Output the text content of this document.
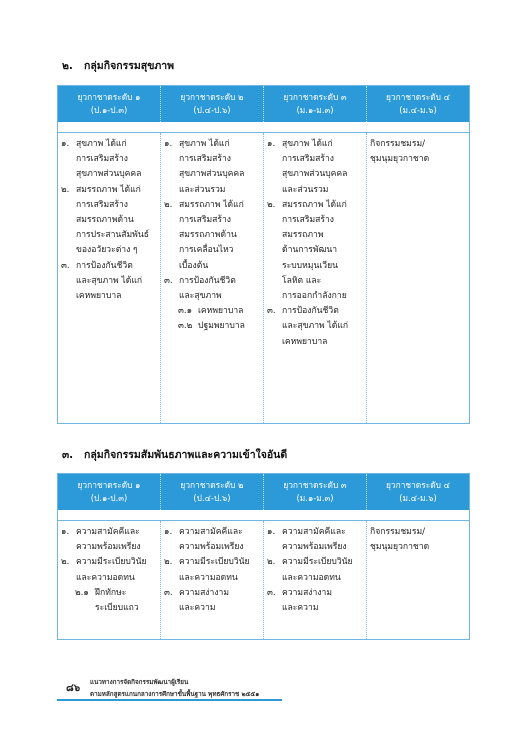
๒. กลุ่มกิจกรรมสุขภาพ
ยุวกาชาดระดับ ๑
(ป.๑-ป.๓)
ยุวกาชาดระดับ ๒
(ป.๔-ป.๖)
ยุวกาชาดระดับ ๓
(ม.๑-ม.๓)
ยุวกาชาดระดับ ๔
(ม.๔-ม.๖)
๑. สุขภาพ ได้แก่
การเสริมสร้าง
สุขภาพส่วนบุคคล
๒. สมรรถภาพ ได้แก่
การเสริมสร้าง
สมรรถภาพด้าน
การประสานสัมพันธ์
ของอวัยวะต่าง ๆ
๓. การป้องกันชีวิต
และสุขภาพ ได้แก่
เคหพยาบาล
๑. สุขภาพ ได้แก่
การเสริมสร้าง
สุขภาพส่วนบุคคล
และส่วนรวม
๒. สมรรถภาพ ได้แก่
การเสริมสร้าง
สมรรถภาพด้าน
การเคลื่อนไหว
เบื้องต้น
๓. การป้องกันชีวิต
และสุขภาพ
๓.๑ เคหพยาบาล
๓.๒ ปฐมพยาบาล
๑. สุขภาพ ได้แก่
การเสริมสร้าง
สุขภาพส่วนบุคคล
และส่วนรวม
๒. สมรรถภาพ ได้แก่
การเสริมสร้าง
สมรรถภาพ
ด้านการพัฒนา
ระบบหมุนเวียน
โลหิต และ
การออกกำลังกาย
๓. การป้องกันชีวิต
และสุขภาพ ได้แก่
เคหพยาบาล
กิจกรรมชมรม/
ชุมนุมยุวกาชาด
๓. กลุ่มกิจกรรมสัมพันธภาพและความเข้าใจอันดี
ยุวกาชาดระดับ ๑
(ป.๑-ป.๓)
ยุวกาชาดระดับ ๒
(ป.๔-ป.๖)
ยุวกาชาดระดับ ๓
(ม.๑-ม.๓)
ยุวกาชาดระดับ ๔
(ม.๔-ม.๖)
๑. ความสามัคคีและ
ความพร้อมเพรียง
๒. ความมีระเบียบวินัย
และความอดทน
๒.๑ ฝึกทักษะ
ระเบียบแถว
๑. ความสามัคคีและ
ความพร้อมเพรียง
๒. ความมีระเบียบวินัย
และความอดทน
๓. ความสง่างาม
และความ
๑. ความสามัคคีและ
ความพร้อมเพรียง
๒. ความมีระเบียบวินัย
และความอดทน
๓. ความสง่างาม
และความ
กิจกรรมชมรม/
ชุมนุมยุวกาชาด
๘๖
แนวทางการจัดกิจกรรมพัฒนาผู้เรียน
ตามหลักสูตรแกนกลางการศึกษาขั้นพื้นฐาน พุทธศักราช ๒๕๕๑
